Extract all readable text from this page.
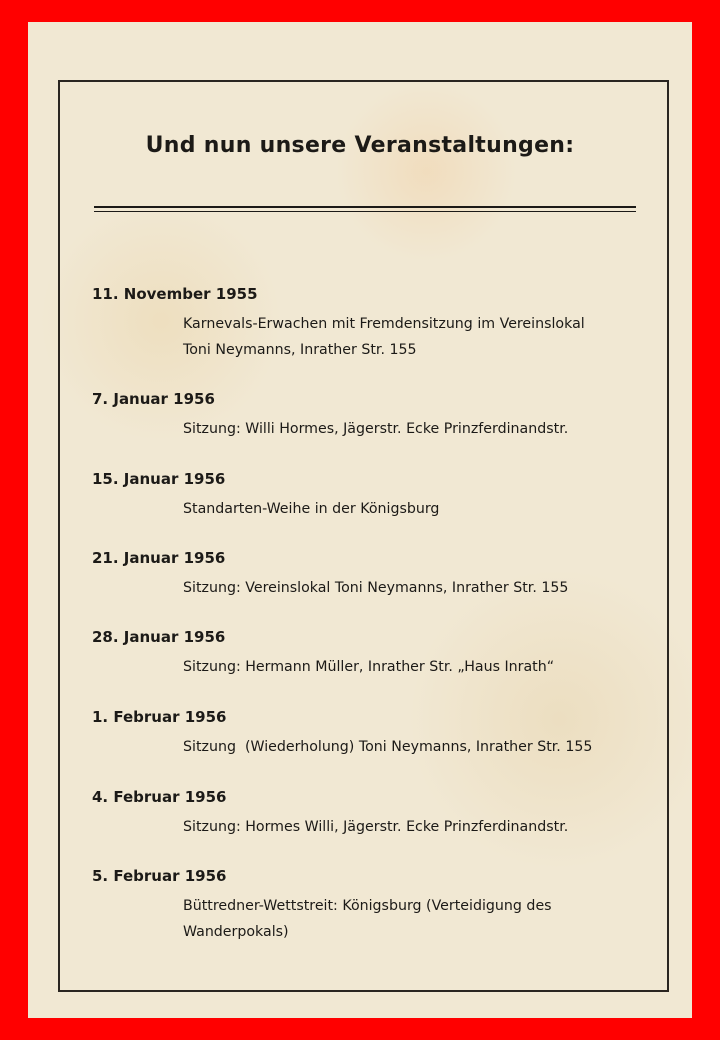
Und nun unsere Veranstaltungen:
11. November 1955
Karnevals-Erwachen mit Fremdensitzung im Vereinslokal
Toni Neymanns, Inrather Str. 155
7. Januar 1956
Sitzung: Willi Hormes, Jägerstr. Ecke Prinzferdinandstr.
15. Januar 1956
Standarten-Weihe in der Königsburg
21. Januar 1956
Sitzung: Vereinslokal Toni Neymanns, Inrather Str. 155
28. Januar 1956
Sitzung: Hermann Müller, Inrather Str. „Haus Inrath“
1. Februar 1956
Sitzung  (Wiederholung) Toni Neymanns, Inrather Str. 155
4. Februar 1956
Sitzung: Hormes Willi, Jägerstr. Ecke Prinzferdinandstr.
5. Februar 1956
Büttredner-Wettstreit: Königsburg (Verteidigung des
Wanderpokals)
